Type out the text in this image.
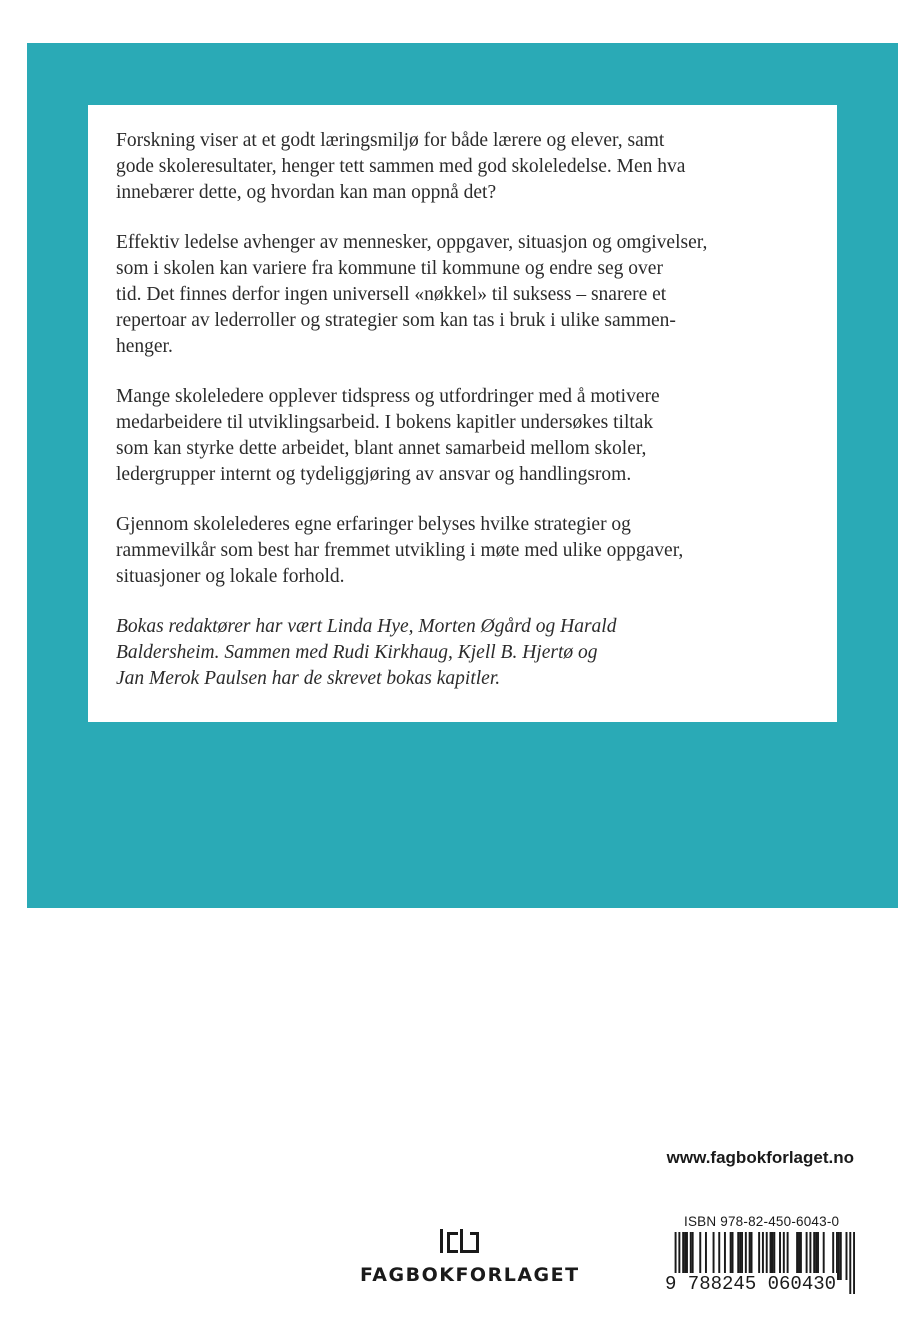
Forskning viser at et godt læringsmiljø for både lærere og elever, samt
gode skoleresultater, henger tett sammen med god skoleledelse. Men hva
innebærer dette, og hvordan kan man oppnå det?

Effektiv ledelse avhenger av mennesker, oppgaver, situasjon og omgivelser,
som i skolen kan variere fra kommune til kommune og endre seg over
tid. Det finnes derfor ingen universell «nøkkel» til suksess – snarere et
repertoar av lederroller og strategier som kan tas i bruk i ulike sammen-
henger.

Mange skoleledere opplever tidspress og utfordringer med å motivere
medarbeidere til utviklingsarbeid. I bokens kapitler undersøkes tiltak
som kan styrke dette arbeidet, blant annet samarbeid mellom skoler,
ledergrupper internt og tydeliggjøring av ansvar og handlingsrom.

Gjennom skolelederes egne erfaringer belyses hvilke strategier og
rammevilkår som best har fremmet utvikling i møte med ulike oppgaver,
situasjoner og lokale forhold.

Bokas redaktører har vært Linda Hye, Morten Øgård og Harald
Baldersheim. Sammen med Rudi Kirkhaug, Kjell B. Hjertø og
Jan Merok Paulsen har de skrevet bokas kapitler.

www.fagbokforlaget.no
FAGBOKFORLAGET
ISBN 978-82-450-6043-0
9 788245 060430
